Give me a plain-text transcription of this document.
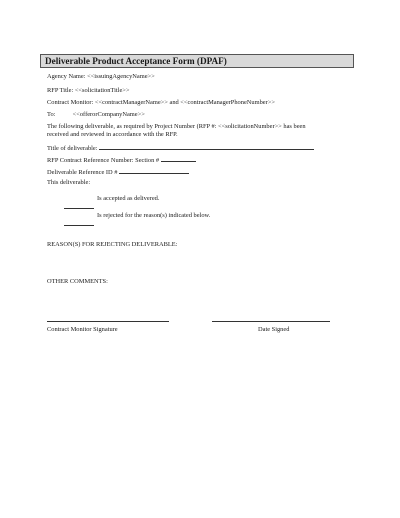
Deliverable Product Acceptance Form (DPAF)
Agency Name: <<issuingAgencyName>>
RFP Title: <<solicitationTitle>>
Contract Monitor: <<contractManagerName>> and <<contractManagerPhoneNumber>>
To:	<<offerorCompanyName>>
The following deliverable, as required by Project Number (RFP #: <<solicitationNumber>> has been
received and reviewed in accordance with the RFP.
Title of deliverable:
RFP Contract Reference Number: Section #
Deliverable Reference ID #
This deliverable:
Is accepted as delivered.
Is rejected for the reason(s) indicated below.
REASON(S) FOR REJECTING DELIVERABLE:
OTHER COMMENTS:
Contract Monitor Signature	Date Signed
